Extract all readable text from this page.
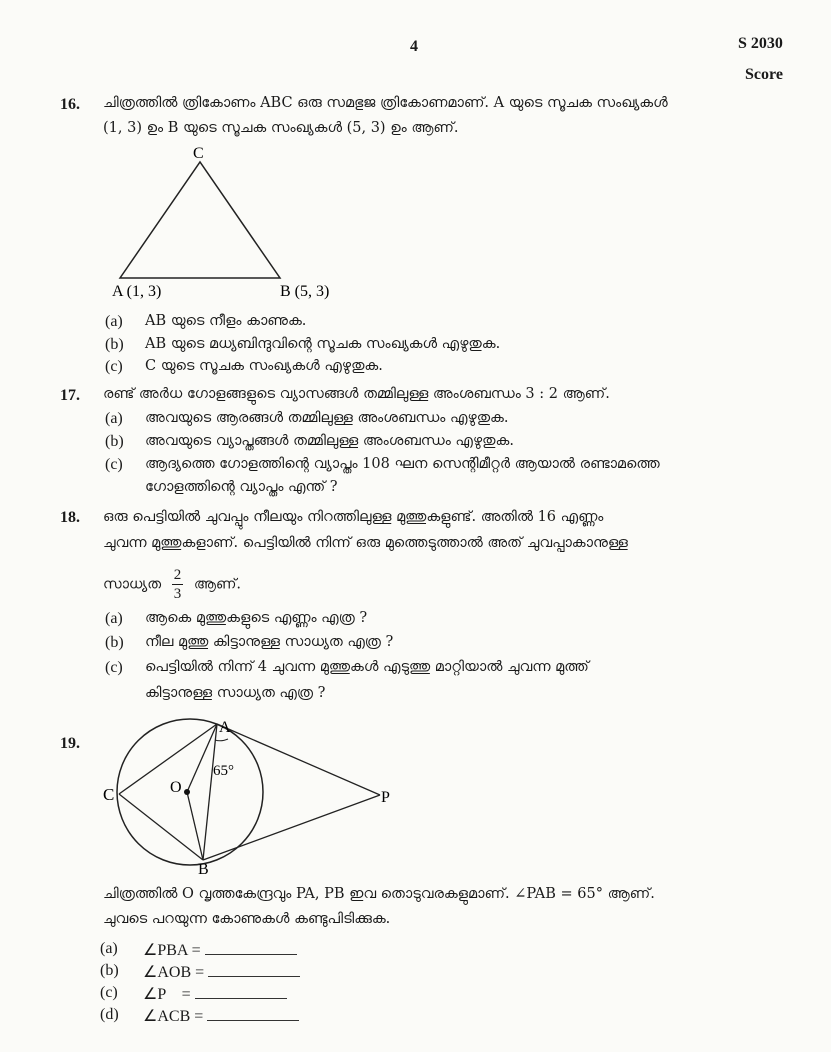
4	S 2030
Score
16. ചിത്രത്തിൽ ത്രികോണം ABC ഒരു സമഭുജ ത്രികോണമാണ്. A യുടെ സൂചക സംഖ്യകൾ
(1, 3) ഉം B യുടെ സൂചക സംഖ്യകൾ (5, 3) ഉം ആണ്.
C
A (1, 3)	B (5, 3)
(a) AB യുടെ നീളം കാണുക.
(b) AB യുടെ മധ്യബിന്ദുവിന്റെ സൂചക സംഖ്യകൾ എഴുതുക.
(c) C യുടെ സൂചക സംഖ്യകൾ എഴുതുക.
17. രണ്ട് അർധ ഗോളങ്ങളുടെ വ്യാസങ്ങൾ തമ്മിലുള്ള അംശബന്ധം 3 : 2 ആണ്.
(a) അവയുടെ ആരങ്ങൾ തമ്മിലുള്ള അംശബന്ധം എഴുതുക.
(b) അവയുടെ വ്യാപ്തങ്ങൾ തമ്മിലുള്ള അംശബന്ധം എഴുതുക.
(c) ആദ്യത്തെ ഗോളത്തിന്റെ വ്യാപ്തം 108 ഘന സെന്റിമീറ്റർ ആയാൽ രണ്ടാമത്തെ
ഗോളത്തിന്റെ വ്യാപ്തം എന്ത് ?
18. ഒരു പെട്ടിയിൽ ചുവപ്പും നീലയും നിറത്തിലുള്ള മുത്തുകളുണ്ട്. അതിൽ 16 എണ്ണം
ചുവന്ന മുത്തുകളാണ്. പെട്ടിയിൽ നിന്ന് ഒരു മുത്തെടുത്താൽ അത് ചുവപ്പാകാനുള്ള
സാധ്യത $\frac{2}{3}$ ആണ്.
(a) ആകെ മുത്തുകളുടെ എണ്ണം എത്ര ?
(b) നീല മുത്തു കിട്ടാനുള്ള സാധ്യത എത്ര ?
(c) പെട്ടിയിൽ നിന്ന് 4 ചുവന്ന മുത്തുകൾ എടുത്തു മാറ്റിയാൽ ചുവന്ന മുത്ത്
കിട്ടാനുള്ള സാധ്യത എത്ര ?
19.
A
B
C	O
P
65°
ചിത്രത്തിൽ O വൃത്തകേന്ദ്രവും PA, PB ഇവ തൊടുവരകളുമാണ്. ∠PAB = 65° ആണ്.
ചുവടെ പറയുന്ന കോണുകൾ കണ്ടുപിടിക്കുക.
(a) ∠PBA =
(b) ∠AOB =
(c) ∠P    =
(d) ∠ACB =
